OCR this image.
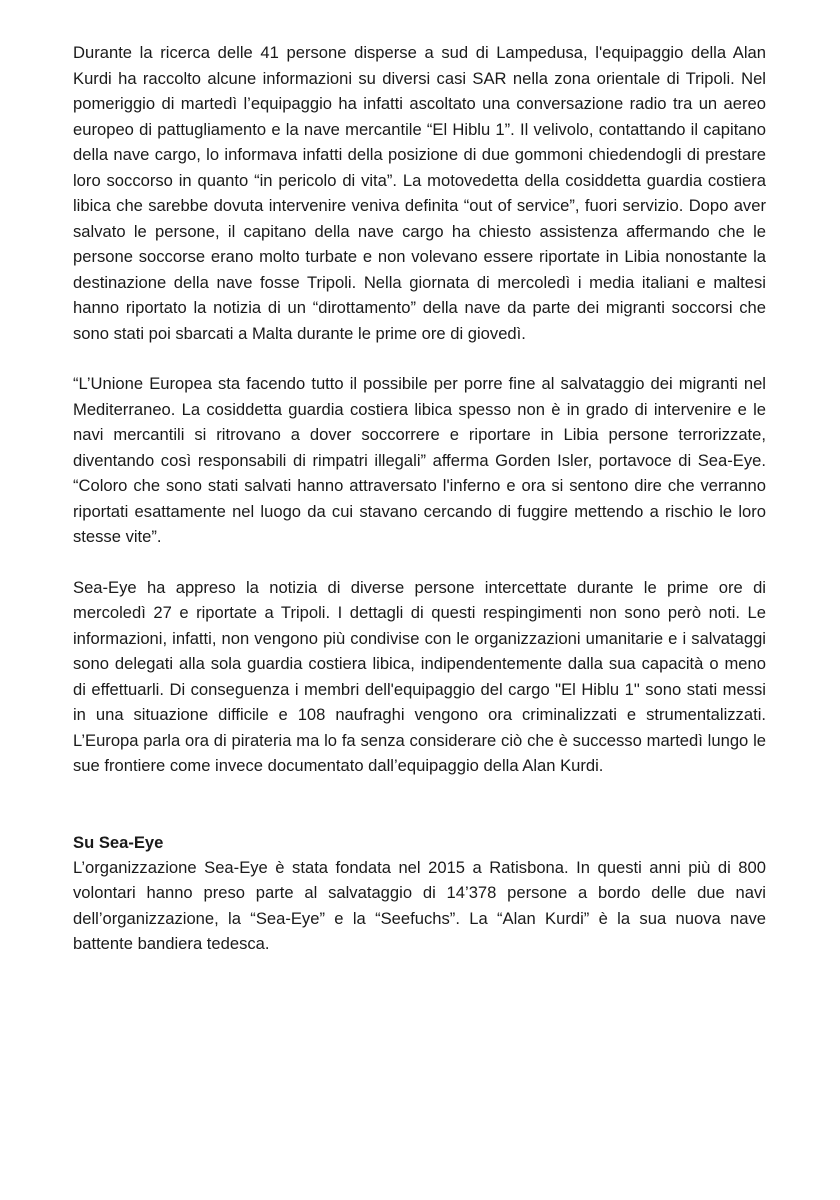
Durante la ricerca delle 41 persone disperse a sud di Lampedusa, l'equipaggio della Alan Kurdi ha raccolto alcune informazioni su diversi casi SAR nella zona orientale di Tripoli. Nel pomeriggio di martedì l’equipaggio ha infatti ascoltato una conversazione radio tra un aereo europeo di pattugliamento e la nave mercantile “El Hiblu 1”. Il velivolo, contattando il capitano della nave cargo, lo informava infatti della posizione di due gommoni chiedendogli di prestare loro soccorso in quanto “in pericolo di vita”. La motovedetta della cosiddetta guardia costiera libica che sarebbe dovuta intervenire veniva definita “out of service”, fuori servizio. Dopo aver salvato le persone, il capitano della nave cargo ha chiesto assistenza affermando che le persone soccorse erano molto turbate e non volevano essere riportate in Libia nonostante la destinazione della nave fosse Tripoli. Nella giornata di mercoledì i media italiani e maltesi hanno riportato la notizia di un “dirottamento” della nave da parte dei migranti soccorsi che sono stati poi sbarcati a Malta durante le prime ore di giovedì.

“L’Unione Europea sta facendo tutto il possibile per porre fine al salvataggio dei migranti nel Mediterraneo. La cosiddetta guardia costiera libica spesso non è in grado di intervenire e le navi mercantili si ritrovano a dover soccorrere e riportare in Libia persone terrorizzate, diventando così responsabili di rimpatri illegali” afferma Gorden Isler, portavoce di Sea-Eye. “Coloro che sono stati salvati hanno attraversato l'inferno e ora si sentono dire che verranno riportati esattamente nel luogo da cui stavano cercando di fuggire mettendo a rischio le loro stesse vite”.

Sea-Eye ha appreso la notizia di diverse persone intercettate durante le prime ore di mercoledì 27 e riportate a Tripoli. I dettagli di questi respingimenti non sono però noti. Le informazioni, infatti, non vengono più condivise con le organizzazioni umanitarie e i salvataggi sono delegati alla sola guardia costiera libica, indipendentemente dalla sua capacità o meno di effettuarli. Di conseguenza i membri dell'equipaggio del cargo "El Hiblu 1" sono stati messi in una situazione difficile e 108 naufraghi vengono ora criminalizzati e strumentalizzati. L’Europa parla ora di pirateria ma lo fa senza considerare ciò che è successo martedì lungo le sue frontiere come invece documentato dall’equipaggio della Alan Kurdi.

Su Sea-Eye

L’organizzazione Sea-Eye è stata fondata nel 2015 a Ratisbona. In questi anni più di 800 volontari hanno preso parte al salvataggio di 14’378 persone a bordo delle due navi dell’organizzazione, la “Sea-Eye” e la “Seefuchs”. La “Alan Kurdi” è la sua nuova nave battente bandiera tedesca.
